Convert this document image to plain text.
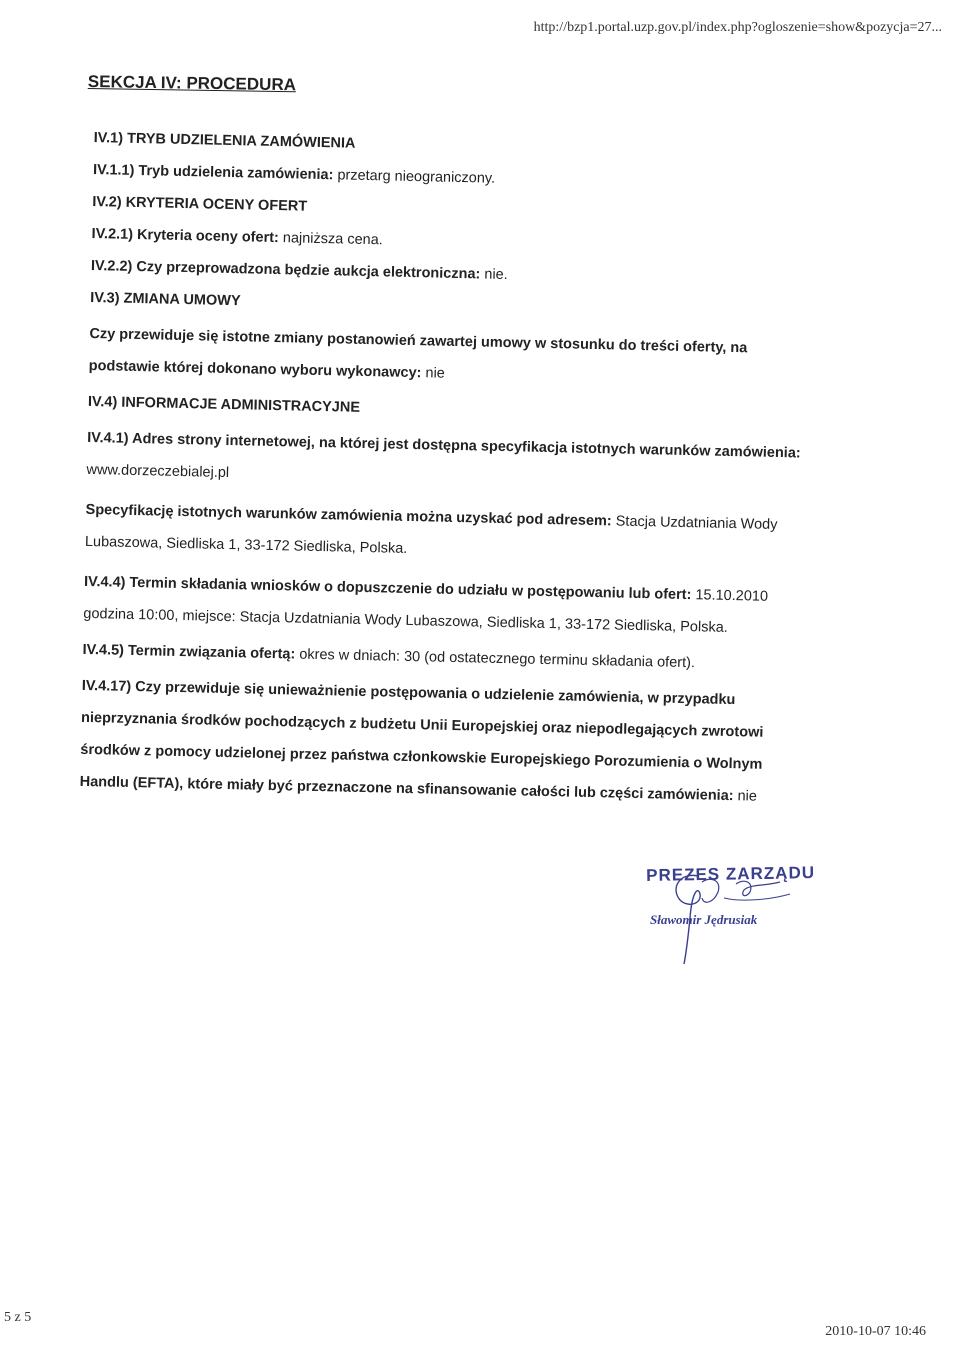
http://bzp1.portal.uzp.gov.pl/index.php?ogloszenie=show&pozycja=27...
SEKCJA IV: PROCEDURA
IV.1) TRYB UDZIELENIA ZAMÓWIENIA
IV.1.1) Tryb udzielenia zamówienia: przetarg nieograniczony.
IV.2) KRYTERIA OCENY OFERT
IV.2.1) Kryteria oceny ofert: najniższa cena.
IV.2.2) Czy przeprowadzona będzie aukcja elektroniczna: nie.
IV.3) ZMIANA UMOWY
Czy przewiduje się istotne zmiany postanowień zawartej umowy w stosunku do treści oferty, na
podstawie której dokonano wyboru wykonawcy: nie
IV.4) INFORMACJE ADMINISTRACYJNE
IV.4.1) Adres strony internetowej, na której jest dostępna specyfikacja istotnych warunków zamówienia:
www.dorzeczebialej.pl
Specyfikację istotnych warunków zamówienia można uzyskać pod adresem: Stacja Uzdatniania Wody
Lubaszowa, Siedliska 1, 33-172 Siedliska, Polska.
IV.4.4) Termin składania wniosków o dopuszczenie do udziału w postępowaniu lub ofert: 15.10.2010
godzina 10:00, miejsce: Stacja Uzdatniania Wody Lubaszowa, Siedliska 1, 33-172 Siedliska, Polska.
IV.4.5) Termin związania ofertą: okres w dniach: 30 (od ostatecznego terminu składania ofert).
IV.4.17) Czy przewiduje się unieważnienie postępowania o udzielenie zamówienia, w przypadku
nieprzyznania środków pochodzących z budżetu Unii Europejskiej oraz niepodlegających zwrotowi
środków z pomocy udzielonej przez państwa członkowskie Europejskiego Porozumienia o Wolnym
Handlu (EFTA), które miały być przeznaczone na sfinansowanie całości lub części zamówienia: nie
PREZES ZARZĄDU
Sławomir Jędrusiak
5 z 5
2010-10-07 10:46
